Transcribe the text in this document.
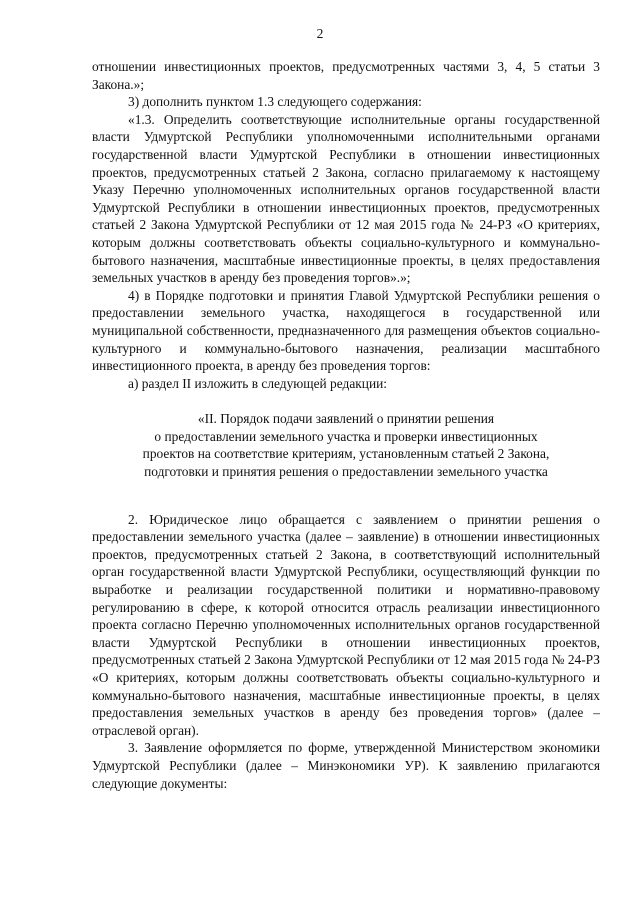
2

отношении инвестиционных проектов, предусмотренных частями 3, 4, 5 статьи 3 Закона.»;

3) дополнить пунктом 1.3 следующего содержания:

«1.3. Определить соответствующие исполнительные органы государственной власти Удмуртской Республики уполномоченными исполнительными органами государственной власти Удмуртской Республики в отношении инвестиционных проектов, предусмотренных статьей 2 Закона, согласно прилагаемому к настоящему Указу Перечню уполномоченных исполнительных органов государственной власти Удмуртской Республики в отношении инвестиционных проектов, предусмотренных статьей 2 Закона Удмуртской Республики от 12 мая 2015 года № 24-РЗ «О критериях, которым должны соответствовать объекты социально-культурного и коммунально-бытового назначения, масштабные инвестиционные проекты, в целях предоставления земельных участков в аренду без проведения торгов».»;

4) в Порядке подготовки и принятия Главой Удмуртской Республики решения о предоставлении земельного участка, находящегося в государственной или муниципальной собственности, предназначенного для размещения объектов социально-культурного и коммунально-бытового назначения, реализации масштабного инвестиционного проекта, в аренду без проведения торгов:

а) раздел II изложить в следующей редакции:

«II. Порядок подачи заявлений о принятии решения
о предоставлении земельного участка и проверки инвестиционных
проектов на соответствие критериям, установленным статьей 2 Закона,
подготовки и принятия решения о предоставлении земельного участка

2. Юридическое лицо обращается с заявлением о принятии решения о предоставлении земельного участка (далее – заявление) в отношении инвестиционных проектов, предусмотренных статьей 2 Закона, в соответствующий исполнительный орган государственной власти Удмуртской Республики, осуществляющий функции по выработке и реализации государственной политики и нормативно-правовому регулированию в сфере, к которой относится отрасль реализации инвестиционного проекта согласно Перечню уполномоченных исполнительных органов государственной власти Удмуртской Республики в отношении инвестиционных проектов, предусмотренных статьей 2 Закона Удмуртской Республики от 12 мая 2015 года № 24-РЗ «О критериях, которым должны соответствовать объекты социально-культурного и коммунально-бытового назначения, масштабные инвестиционные проекты, в целях предоставления земельных участков в аренду без проведения торгов» (далее – отраслевой орган).

3. Заявление оформляется по форме, утвержденной Министерством экономики Удмуртской Республики (далее – Минэкономики УР). К заявлению прилагаются следующие документы:
